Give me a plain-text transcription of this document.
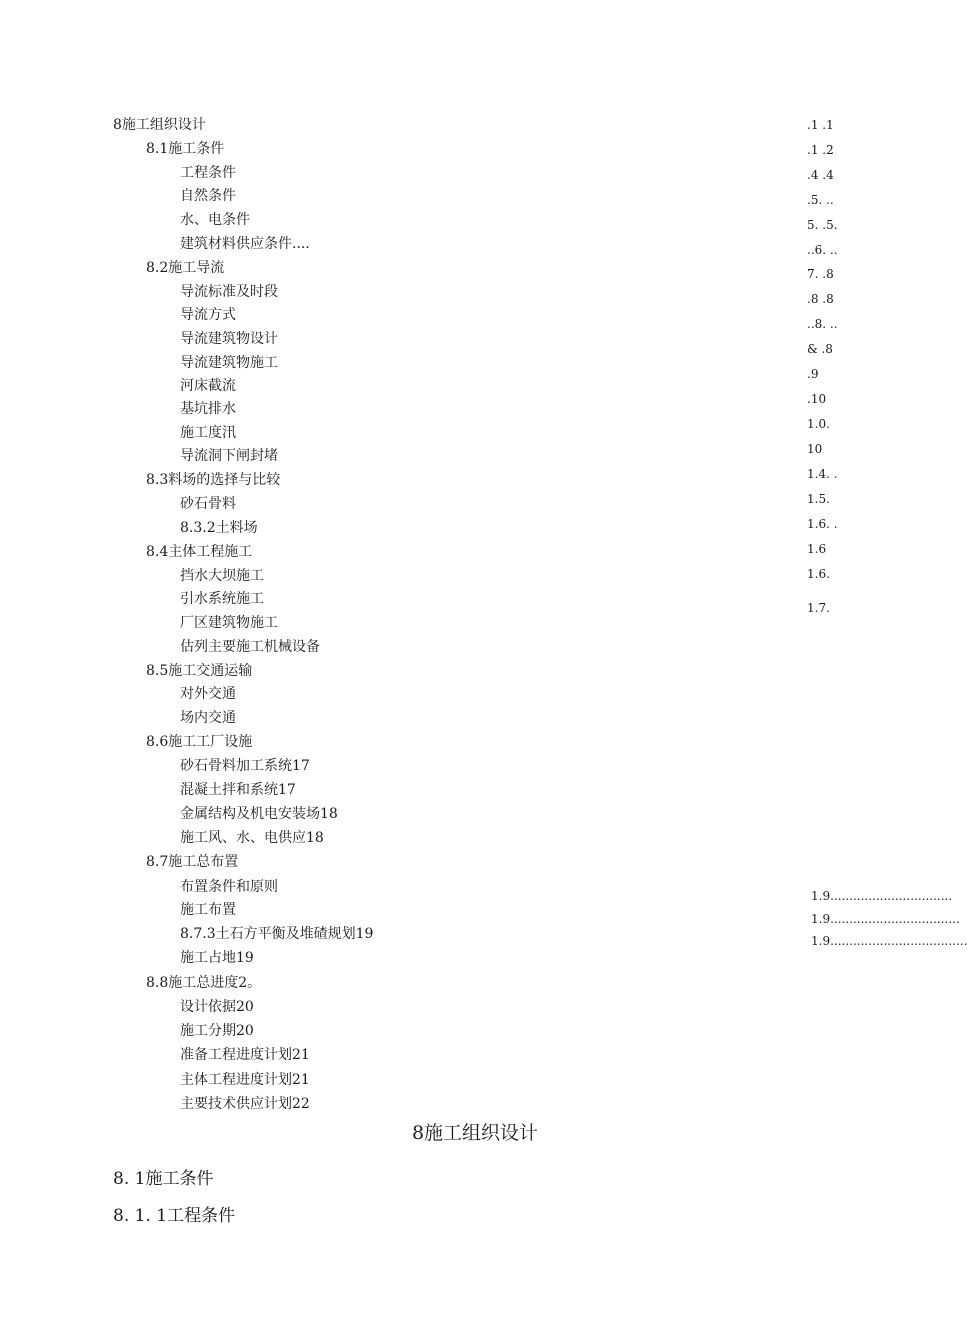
8施工组织设计
8.1施工条件
工程条件
自然条件
水、电条件
建筑材料供应条件....
8.2施工导流
导流标准及时段
导流方式
导流建筑物设计
导流建筑物施工
河床截流
基坑排水
施工度汛
导流洞下闸封堵
8.3料场的选择与比较
砂石骨料
8.3.2土料场
8.4主体工程施工
挡水大坝施工
引水系统施工
厂区建筑物施工
估列主要施工机械设备
8.5施工交通运输
对外交通
场内交通
8.6施工工厂设施
砂石骨料加工系统17
混凝土拌和系统17
金属结构及机电安装场18
施工风、水、电供应18
8.7施工总布置
布置条件和原则
施工布置
8.7.3土石方平衡及堆碴规划19
施工占地19
8.8施工总进度2。
设计依据20
施工分期20
准备工程进度计划21
主体工程进度计划21
主要技术供应计划22
.1 .1
.1 .2
.4 .4
.5. ..
5. .5.
..6. ..
7. .8
.8 .8
..8. ..
& .8
.9
.10
1.0.
10
1.4. .
1.5.
1.6. .
1.6
1.6.
1.7.
1.9................................
1.9..................................
1.9....................................
8施工组织设计
8. 1施工条件
8. 1. 1工程条件
